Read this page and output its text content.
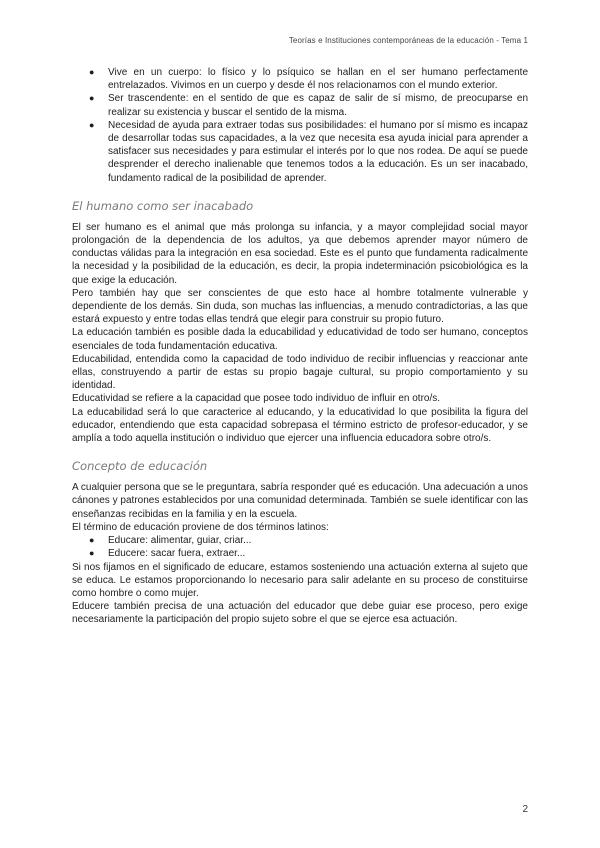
Teorías e Instituciones contemporáneas de la educación - Tema 1
● Vive en un cuerpo: lo físico y lo psíquico se hallan en el ser humano perfectamente entrelazados. Vivimos en un cuerpo y desde él nos relacionamos con el mundo exterior.
● Ser trascendente: en el sentido de que es capaz de salir de sí mismo, de preocuparse en realizar su existencia y buscar el sentido de la misma.
● Necesidad de ayuda para extraer todas sus posibilidades: el humano por sí mismo es incapaz de desarrollar todas sus capacidades, a la vez que necesita esa ayuda inicial para aprender a satisfacer sus necesidades y para estimular el interés por lo que nos rodea. De aquí se puede desprender el derecho inalienable que tenemos todos a la educación. Es un ser inacabado, fundamento radical de la posibilidad de aprender.
El humano como ser inacabado

El ser humano es el animal que más prolonga su infancia, y a mayor complejidad social mayor prolongación de la dependencia de los adultos, ya que debemos aprender mayor número de conductas válidas para la integración en esa sociedad. Este es el punto que fundamenta radicalmente la necesidad y la posibilidad de la educación, es decir, la propia indeterminación psicobiológica es la que exige la educación.

Pero también hay que ser conscientes de que esto hace al hombre totalmente vulnerable y dependiente de los demás. Sin duda, son muchas las influencias, a menudo contradictorias, a las que estará expuesto y entre todas ellas tendrá que elegir para construir su propio futuro.

La educación también es posible dada la educabilidad y educatividad de todo ser humano, conceptos esenciales de toda fundamentación educativa.

Educabilidad, entendida como la capacidad de todo individuo de recibir influencias y reaccionar ante ellas, construyendo a partir de estas su propio bagaje cultural, su propio comportamiento y su identidad.

Educatividad se refiere a la capacidad que posee todo individuo de influir en otro/s.

La educabilidad será lo que caracterice al educando, y la educatividad lo que posibilita la figura del educador, entendiendo que esta capacidad sobrepasa el término estricto de profesor-educador, y se amplía a todo aquella institución o individuo que ejercer una influencia educadora sobre otro/s.

Concepto de educación

A cualquier persona que se le preguntara, sabría responder qué es educación. Una adecuación a unos cánones y patrones establecidos por una comunidad determinada. También se suele identificar con las enseñanzas recibidas en la familia y en la escuela.

El término de educación proviene de dos términos latinos:

● Educare: alimentar, guiar, criar...
● Educere: sacar fuera, extraer...

Si nos fijamos en el significado de educare, estamos sosteniendo una actuación externa al sujeto que se educa. Le estamos proporcionando lo necesario para salir adelante en su proceso de constituirse como hombre o como mujer.

Educere también precisa de una actuación del educador que debe guiar ese proceso, pero exige necesariamente la participación del propio sujeto sobre el que se ejerce esa actuación.

2
